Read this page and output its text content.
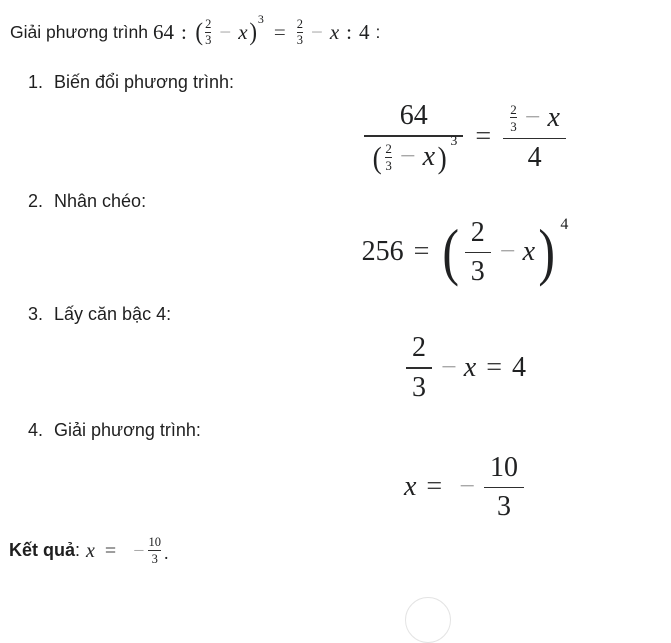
Giải phương trình 64 : ( 2
3 − x ) 3
= 2
3 − x : 4 :
1. Biến đổi phương trình:
64
( 2
3 − x ) 3 =
2
3 − x
4
2. Nhân chéo:
256 = ( 2
3
− x ) 4
3. Lấy căn bậc 4:
2
3
− x = 4
4. Giải phương trình:
x = −
10
3
Kết quả : x = − 10
3 .
